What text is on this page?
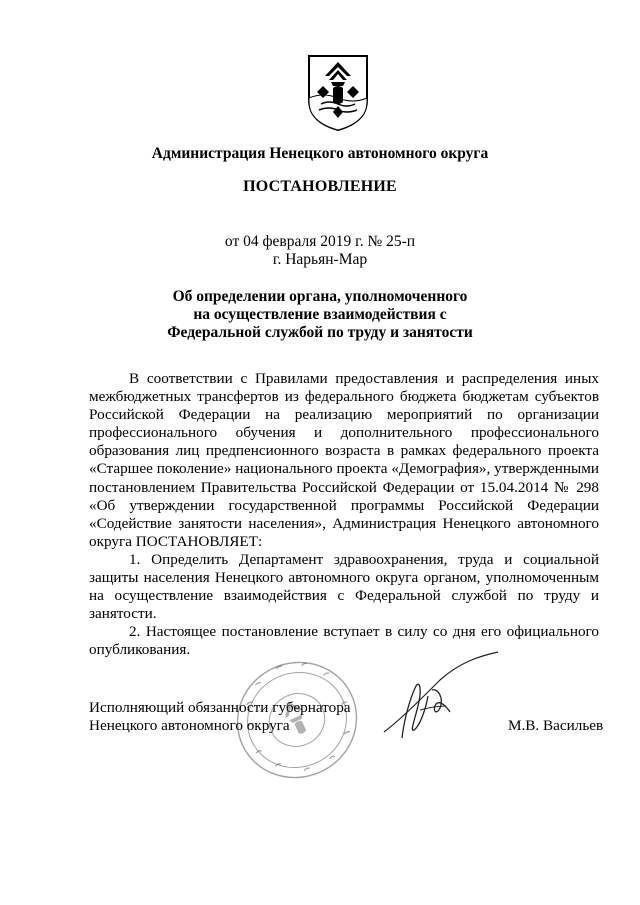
Администрация Ненецкого автономного округа
ПОСТАНОВЛЕНИЕ
от 04 февраля 2019 г. № 25-п
г. Нарьян-Мар
Об определении органа, уполномоченного
на осуществление взаимодействия с
Федеральной службой по труду и занятости

В соответствии с Правилами предоставления и распределения иных межбюджетных трансфертов из федерального бюджета бюджетам субъектов Российской Федерации на реализацию мероприятий по организации профессионального обучения и дополнительного профессионального образования лиц предпенсионного возраста в рамках федерального проекта «Старшее поколение» национального проекта «Демография», утвержденными постановлением Правительства Российской Федерации от 15.04.2014 № 298 «Об утверждении государственной программы Российской Федерации «Содействие занятости населения», Администрация Ненецкого автономного округа ПОСТАНОВЛЯЕТ:

1. Определить Департамент здравоохранения, труда и социальной защиты населения Ненецкого автономного округа органом, уполномоченным на осуществление взаимодействия с Федеральной службой по труду и занятости.

2. Настоящее постановление вступает в силу со дня его официального опубликования.

Исполняющий обязанности губернатора
Ненецкого автономного округа	М.В. Васильев
